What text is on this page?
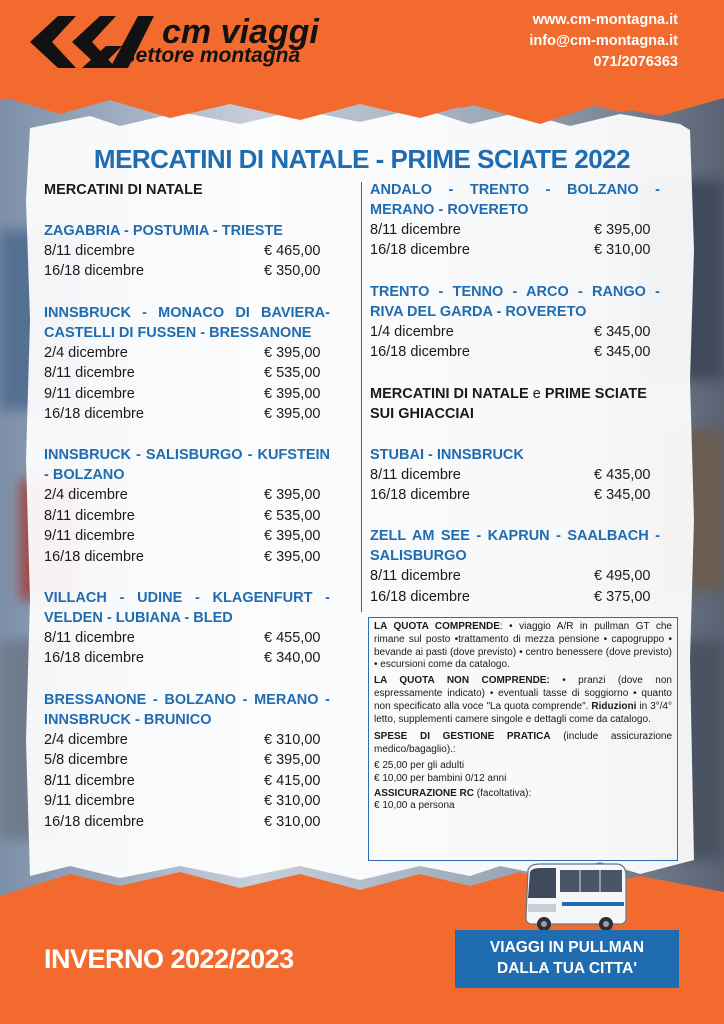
cm viaggi
settore montagna
www.cm-montagna.it
info@cm-montagna.it
071/2076363
MERCATINI DI NATALE - PRIME SCIATE 2022
MERCATINI DI NATALE
ZAGABRIA - POSTUMIA - TRIESTE
8/11 dicembre	€ 465,00
16/18 dicembre	€ 350,00
INNSBRUCK - MONACO DI BAVIERA- CASTELLI DI FUSSEN - BRESSANONE
2/4 dicembre	€ 395,00
8/11 dicembre	€ 535,00
9/11 dicembre	€ 395,00
16/18 dicembre	€ 395,00
INNSBRUCK - SALISBURGO - KUFSTEIN - BOLZANO
2/4 dicembre	€ 395,00
8/11 dicembre	€ 535,00
9/11 dicembre	€ 395,00
16/18 dicembre	€ 395,00
VILLACH - UDINE - KLAGENFURT - VELDEN - LUBIANA - BLED
8/11 dicembre	€ 455,00
16/18 dicembre	€ 340,00
BRESSANONE - BOLZANO - MERANO - INNSBRUCK - BRUNICO
2/4 dicembre	€ 310,00
5/8 dicembre	€ 395,00
8/11 dicembre	€ 415,00
9/11 dicembre	€ 310,00
16/18 dicembre	€ 310,00
ANDALO - TRENTO - BOLZANO - MERANO - ROVERETO
8/11 dicembre	€ 395,00
16/18 dicembre	€ 310,00
TRENTO - TENNO - ARCO - RANGO - RIVA DEL GARDA - ROVERETO
1/4 dicembre	€ 345,00
16/18 dicembre	€ 345,00
MERCATINI DI NATALE e PRIME SCIATE
SUI GHIACCIAI
STUBAI - INNSBRUCK
8/11 dicembre	€ 435,00
16/18 dicembre	€ 345,00
ZELL AM SEE - KAPRUN - SAALBACH - SALISBURGO
8/11 dicembre	€ 495,00
16/18 dicembre	€ 375,00

LA QUOTA COMPRENDE: • viaggio A/R in pullman GT che rimane sul posto •trattamento di mezza pensione • capogruppo • bevande ai pasti (dove previsto) • centro benessere (dove previsto) • escursioni come da catalogo.

LA QUOTA NON COMPRENDE: • pranzi (dove non espressamente indicato) • eventuali tasse di soggiorno • quanto non specificato alla voce "La quota comprende". Riduzioni in 3°/4° letto, supplementi camere singole e dettagli come da catalogo.

SPESE DI GESTIONE PRATICA (include assicurazione medico/bagaglio).:

€ 25,00 per gli adulti
€ 10,00 per bambini 0/12 anni
ASSICURAZIONE RC (facoltativa):
€ 10,00 a persona
INVERNO 2022/2023	VIAGGI IN PULLMAN
DALLA TUA CITTA'
